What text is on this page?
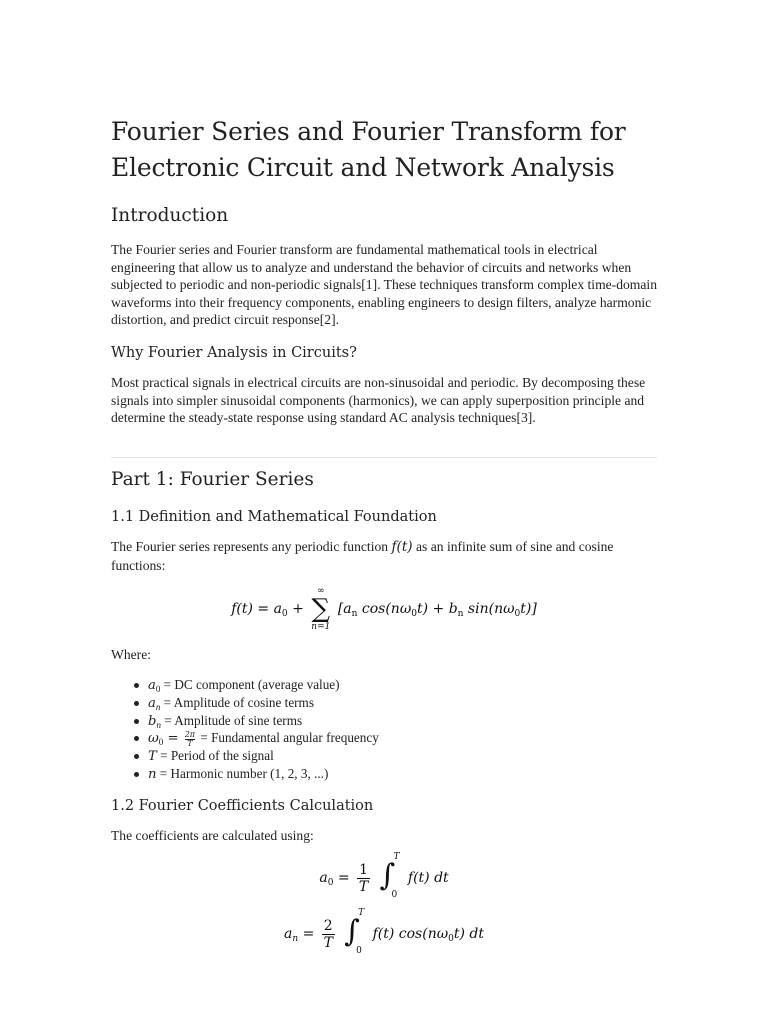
Fourier Series and Fourier Transform for Electronic Circuit and Network Analysis
Introduction

The Fourier series and Fourier transform are fundamental mathematical tools in electrical engineering that allow us to analyze and understand the behavior of circuits and networks when subjected to periodic and non-periodic signals[1]. These techniques transform complex time-domain waveforms into their frequency components, enabling engineers to design filters, analyze harmonic distortion, and predict circuit response[2].

Why Fourier Analysis in Circuits?

Most practical signals in electrical circuits are non-sinusoidal and periodic. By decomposing these signals into simpler sinusoidal components (harmonics), we can apply superposition principle and determine the steady-state response using standard AC analysis techniques[3].

Part 1: Fourier Series
1.1 Definition and Mathematical Foundation

The Fourier series represents any periodic function f(t) as an infinite sum of sine and cosine functions:

$f(t) = a_0$ +
∞
∑
n=1
[$a_n$ $\cos(n\omega_0t) + b_n$ $\sin(n\omega_0t)$]

Where:

$a_0$ = DC component (average value)
$a_n$ = Amplitude of cosine terms
$b_n$ = Amplitude of sine terms
$\omega_0 = \frac{2\pi}{T}$ = Fundamental angular frequency
T = Period of the signal
n = Harmonic number (1, 2, 3, ...)
1.2 Fourier Coefficients Calculation

The coefficients are calculated using:

$a_0 = \frac{1}{T}$
∫
T
0
f(t) dt
$a_n = \frac{2}{T}$
∫
T
0
f(t) $\cos(n\omega_0t)$ dt
